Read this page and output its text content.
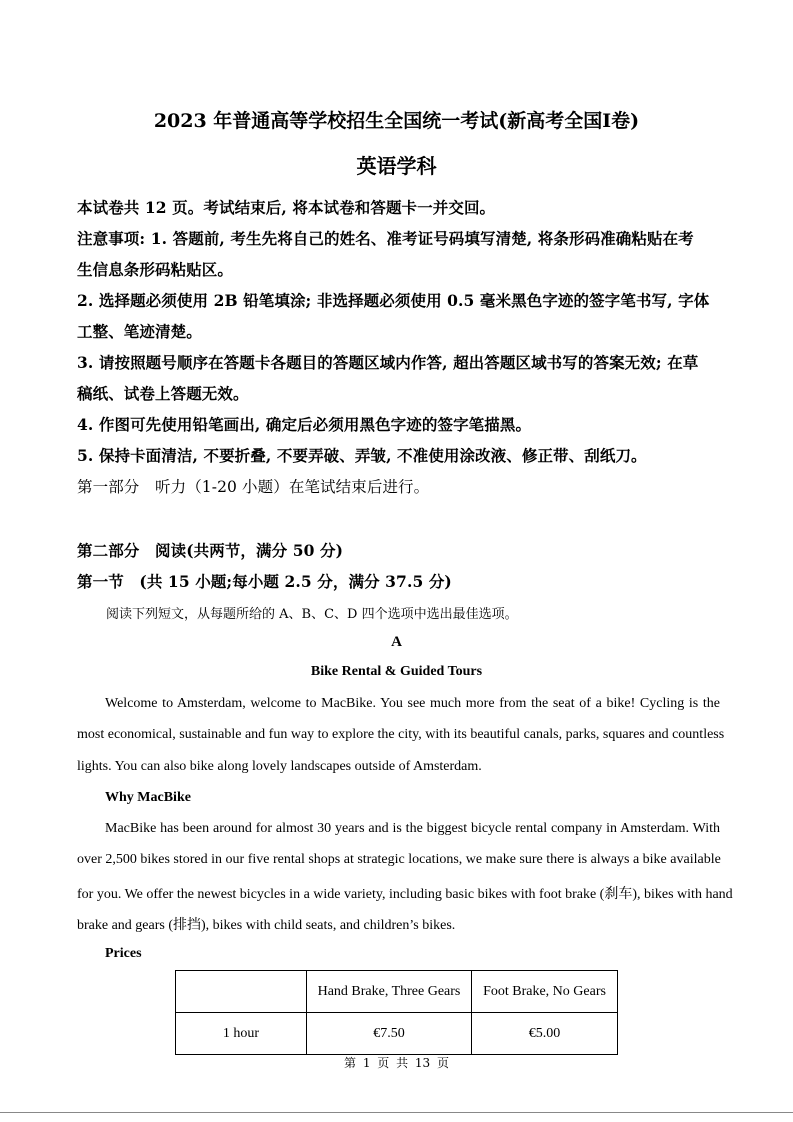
2023 年普通高等学校招生全国统一考试(新高考全国Ⅰ卷)
英语学科
本试卷共 12 页。考试结束后, 将本试卷和答题卡一并交回。
注意事项: 1. 答题前, 考生先将自己的姓名、准考证号码填写清楚, 将条形码准确粘贴在考
生信息条形码粘贴区。
2. 选择题必须使用 2B 铅笔填涂; 非选择题必须使用 0.5 毫米黑色字迹的签字笔书写, 字体
工整、笔迹清楚。
3. 请按照题号顺序在答题卡各题目的答题区域内作答, 超出答题区域书写的答案无效; 在草
稿纸、试卷上答题无效。
4. 作图可先使用铅笔画出, 确定后必须用黑色字迹的签字笔描黑。
5. 保持卡面清洁, 不要折叠, 不要弄破、弄皱, 不准使用涂改液、修正带、刮纸刀。
第一部分　听力（1-20 小题）在笔试结束后进行。
第二部分　阅读(共两节，满分 50 分)
第一节　(共 15 小题;每小题 2.5 分，满分 37.5 分)
阅读下列短文，从每题所给的 A、B、C、D 四个选项中选出最佳选项。
A
Bike Rental & Guided Tours
Welcome to Amsterdam, welcome to MacBike. You see much more from the seat of a bike! Cycling is the
most economical, sustainable and fun way to explore the city, with its beautiful canals, parks, squares and countless
lights. You can also bike along lovely landscapes outside of Amsterdam.
Why MacBike
MacBike has been around for almost 30 years and is the biggest bicycle rental company in Amsterdam. With
over 2,500 bikes stored in our five rental shops at strategic locations, we make sure there is always a bike available
for you. We offer the newest bicycles in a wide variety, including basic bikes with foot brake (刹车), bikes with hand
brake and gears (排挡), bikes with child seats, and children’s bikes.
Prices
	Hand Brake, Three Gears	Foot Brake, No Gears
1 hour	€7.50	€5.00
第 1 页 共 13 页
